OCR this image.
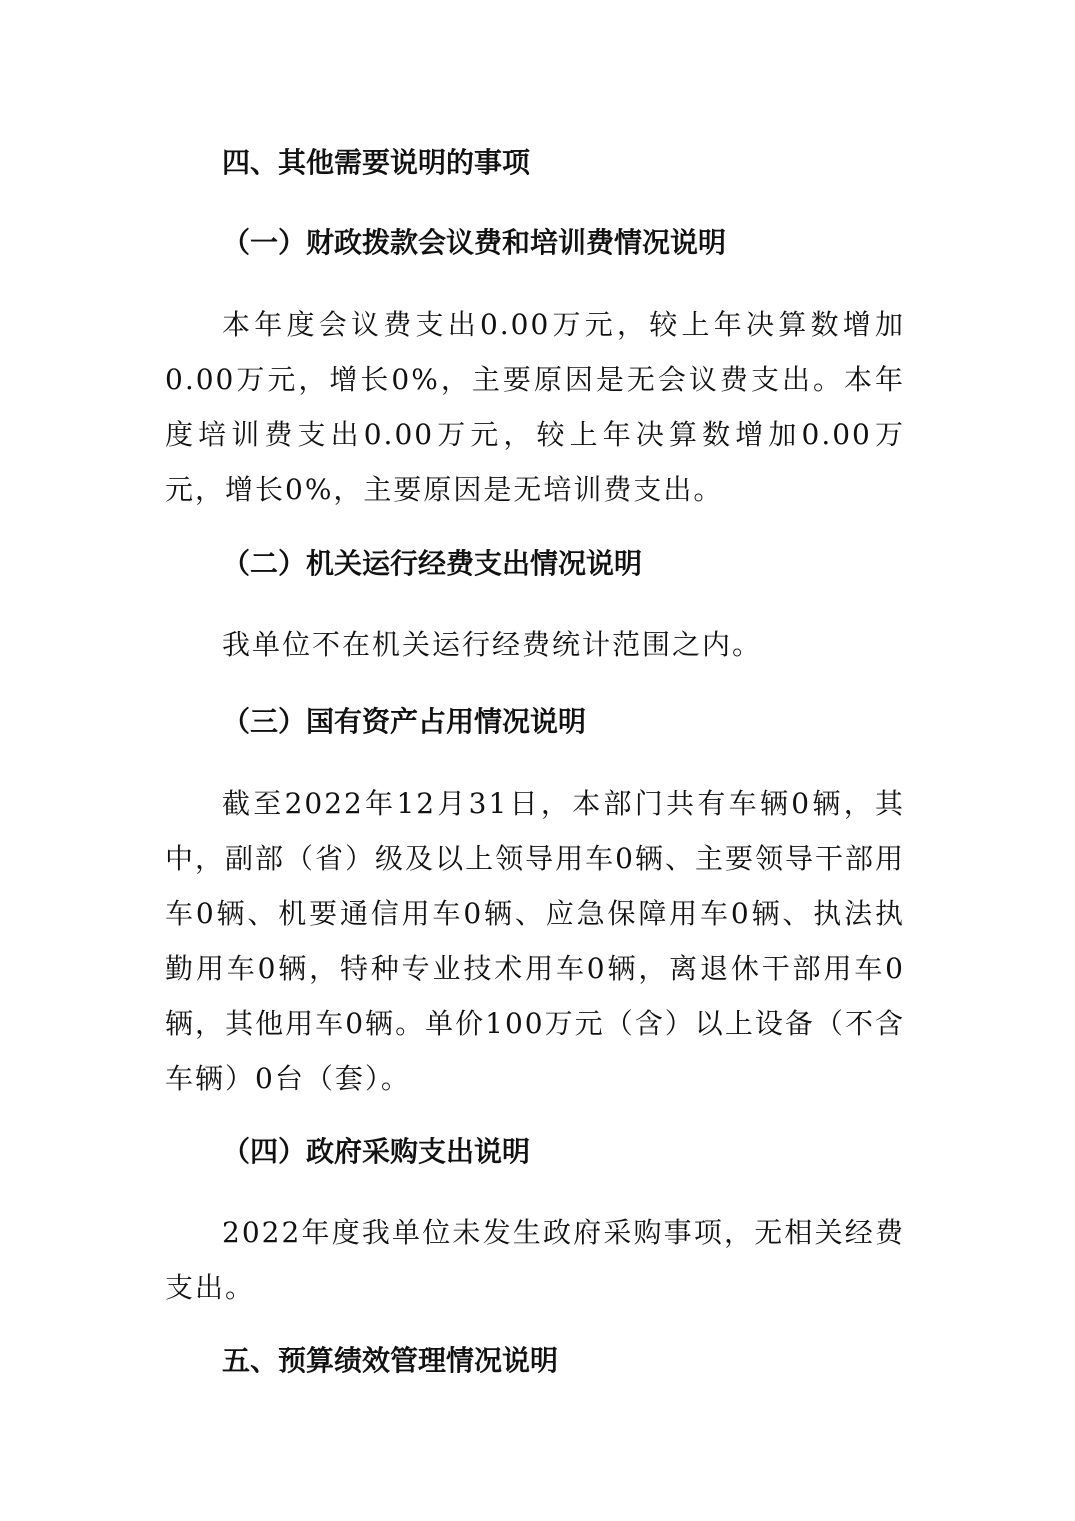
四、其他需要说明的事项
（一）财政拨款会议费和培训费情况说明

本年度会议费支出0.00万元，较上年决算数增加0.00万元，增长0%，主要原因是无会议费支出。本年度培训费支出0.00万元，较上年决算数增加0.00万元，增长0%，主要原因是无培训费支出。

（二）机关运行经费支出情况说明

我单位不在机关运行经费统计范围之内。

（三）国有资产占用情况说明

截至2022年12月31日，本部门共有车辆0辆，其中，副部（省）级及以上领导用车0辆、主要领导干部用车0辆、机要通信用车0辆、应急保障用车0辆、执法执勤用车0辆，特种专业技术用车0辆，离退休干部用车0辆，其他用车0辆。单价100万元（含）以上设备（不含车辆）0台（套）。

（四）政府采购支出说明

2022年度我单位未发生政府采购事项，无相关经费支出。

五、预算绩效管理情况说明
